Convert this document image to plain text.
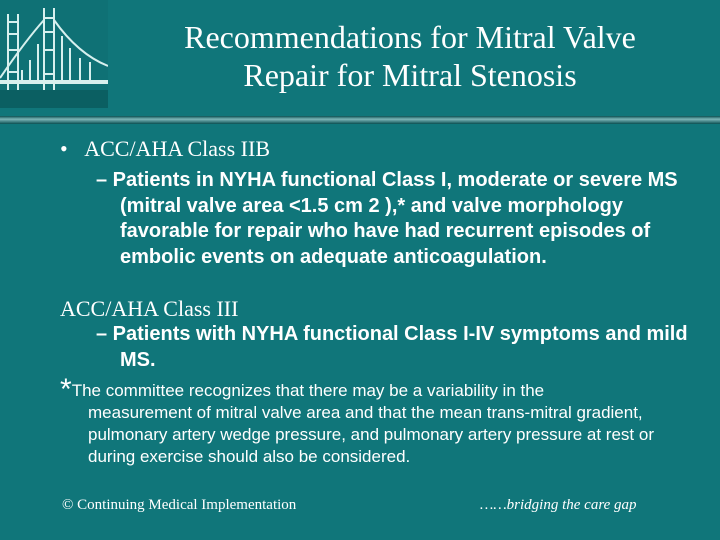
Recommendations for Mitral Valve
Repair for Mitral Stenosis
• ACC/AHA Class IIB
– Patients in NYHA functional Class I, moderate or severe MS (mitral valve area <1.5 cm 2 ),* and valve morphology favorable for repair who have had recurrent episodes of embolic events on adequate anticoagulation.
ACC/AHA Class III
– Patients with NYHA functional Class I-IV symptoms and mild MS.
*The committee recognizes that there may be a variability in the
measurement of mitral valve area and that the mean trans-mitral gradient, pulmonary artery wedge pressure, and pulmonary artery pressure at rest or during exercise should also be considered.
© Continuing Medical Implementation	……bridging the care gap
